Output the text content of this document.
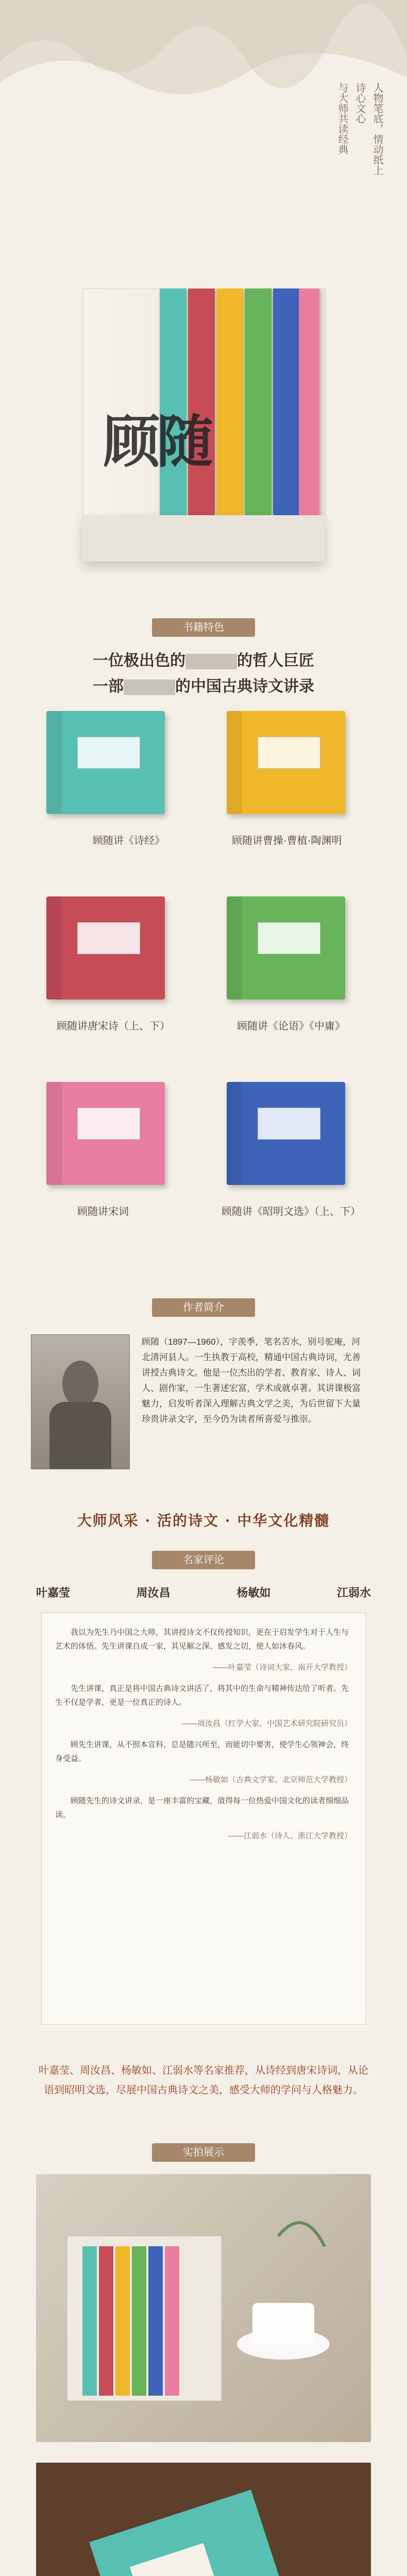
人物笔底，情动纸上
诗心文心
与大师共读经典
顾随
书籍特色
一位极出色的	的哲人巨匠
一部	的中国古典诗文讲录
顾随讲《诗经》	顾随讲曹操·曹植·陶渊明
顾随讲唐宋诗（上、下）	顾随讲《论语》《中庸》
顾随讲宋词	顾随讲《昭明文选》（上、下）
作者简介
顾随（1897—1960），字羡季，笔名苦水，别号驼庵，河北清河县人。一生执教于高校，精通中国古典诗词，尤善讲授古典诗文。他是一位杰出的学者、教育家、诗人、词人、剧作家，一生著述宏富，学术成就卓著。其讲课极富魅力，启发听者深入理解古典文学之美，为后世留下大量珍贵讲录文字，至今仍为读者所喜爱与推崇。
大师风采 · 活的诗文 · 中华文化精髓
名家评论
叶嘉莹	周汝昌	杨敏如	江弱水

我以为先生乃中国之大师，其讲授诗文不仅传授知识，更在于启发学生对于人生与艺术的体悟。先生讲课自成一家，其见解之深、感发之切，使人如沐春风。

——叶嘉莹（诗词大家、南开大学教授）

先生讲课，真正是将中国古典诗文讲活了，将其中的生命与精神传达给了听者。先生不仅是学者，更是一位真正的诗人。

——周汝昌（红学大家、中国艺术研究院研究员）

顾先生讲课，从不照本宣科，总是随兴所至，而能切中要害，使学生心领神会，终身受益。

——杨敏如（古典文学家、北京师范大学教授）

顾随先生的诗文讲录，是一座丰富的宝藏，值得每一位热爱中国文化的读者细细品读。

——江弱水（诗人、浙江大学教授）

叶嘉莹、周汝昌、杨敏如、江弱水等名家推荐，从诗经到唐宋诗词，从论语到昭明文选，尽展中国古典诗文之美，感受大师的学问与人格魅力。
实拍展示
